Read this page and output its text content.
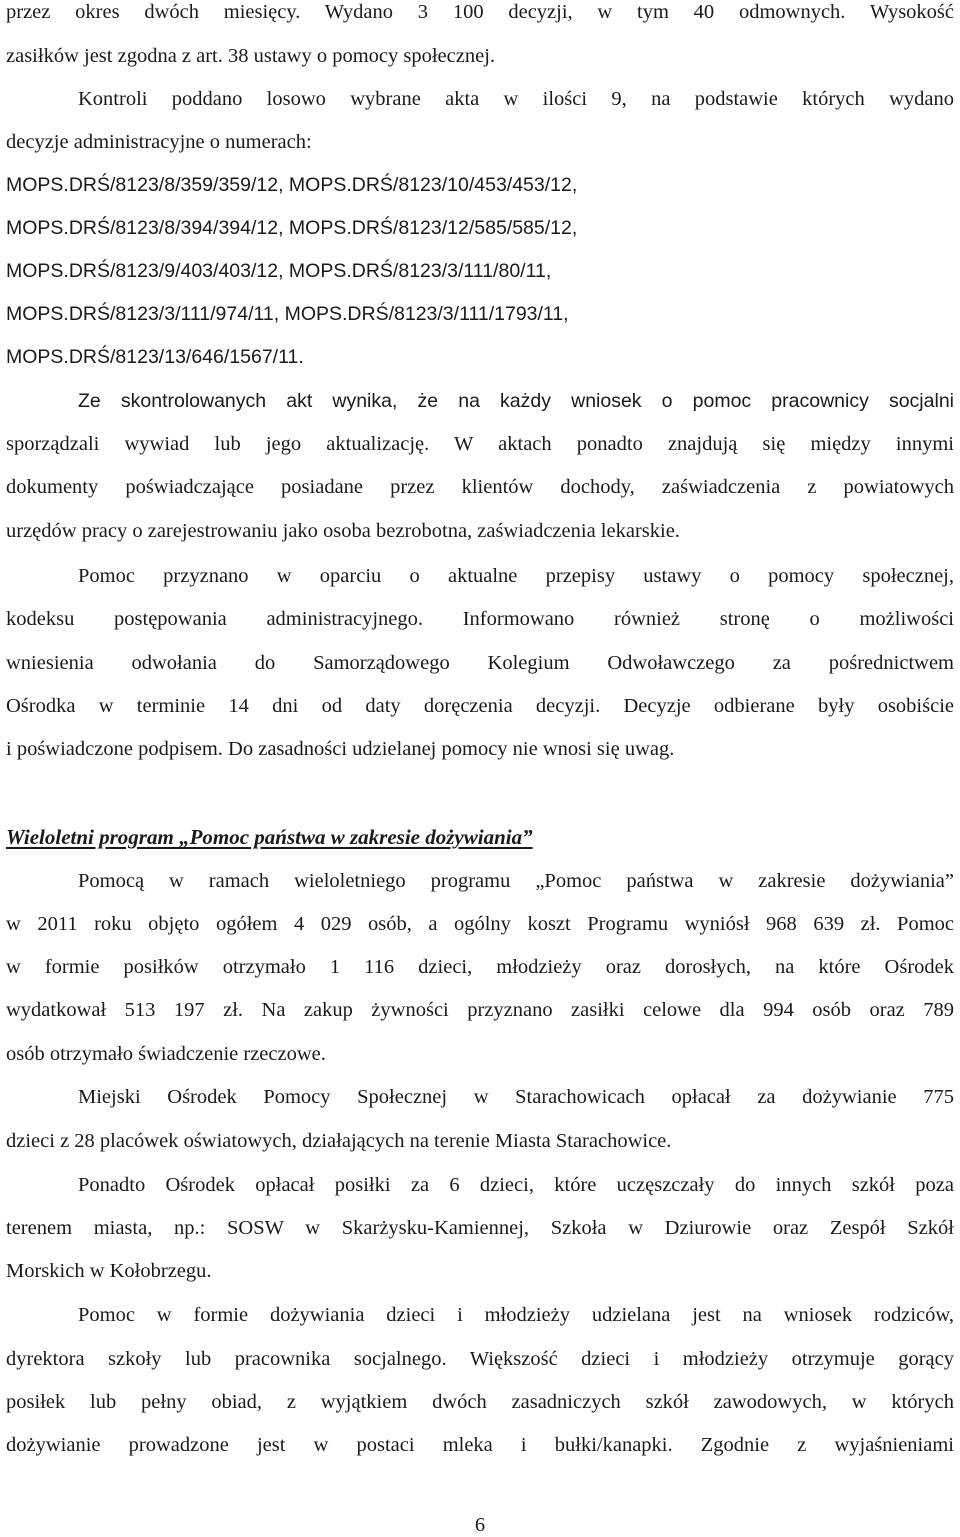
przez okres dwóch miesięcy. Wydano 3 100 decyzji, w tym 40 odmownych. Wysokość
zasiłków jest zgodna z art. 38 ustawy o pomocy społecznej.
Kontroli poddano losowo wybrane akta w ilości 9, na podstawie których wydano
decyzje administracyjne o numerach:
MOPS.DRŚ/8123/8/359/359/12, MOPS.DRŚ/8123/10/453/453/12,
MOPS.DRŚ/8123/8/394/394/12, MOPS.DRŚ/8123/12/585/585/12,
MOPS.DRŚ/8123/9/403/403/12, MOPS.DRŚ/8123/3/111/80/11,
MOPS.DRŚ/8123/3/111/974/11, MOPS.DRŚ/8123/3/111/1793/11,
MOPS.DRŚ/8123/13/646/1567/11.
Ze skontrolowanych akt wynika, że na każdy wniosek o pomoc pracownicy socjalni
sporządzali wywiad lub jego aktualizację. W aktach ponadto znajdują się między innymi
dokumenty poświadczające posiadane przez klientów dochody, zaświadczenia z powiatowych
urzędów pracy o zarejestrowaniu jako osoba bezrobotna, zaświadczenia lekarskie.
Pomoc przyznano w oparciu o aktualne przepisy ustawy o pomocy społecznej,
kodeksu postępowania administracyjnego. Informowano również stronę o możliwości
wniesienia odwołania do Samorządowego Kolegium Odwoławczego za pośrednictwem
Ośrodka w terminie 14 dni od daty doręczenia decyzji. Decyzje odbierane były osobiście
i poświadczone podpisem. Do zasadności udzielanej pomocy nie wnosi się uwag.
Wieloletni program „Pomoc państwa w zakresie dożywiania”
Pomocą w ramach wieloletniego programu „Pomoc państwa w zakresie dożywiania”
w 2011 roku objęto ogółem 4 029 osób, a ogólny koszt Programu wyniósł 968 639 zł. Pomoc
w formie posiłków otrzymało 1 116 dzieci, młodzieży oraz dorosłych, na które Ośrodek
wydatkował 513 197 zł. Na zakup żywności przyznano zasiłki celowe dla 994 osób oraz 789
osób otrzymało świadczenie rzeczowe.
Miejski Ośrodek Pomocy Społecznej w Starachowicach opłacał za dożywianie 775
dzieci z 28 placówek oświatowych, działających na terenie Miasta Starachowice.
Ponadto Ośrodek opłacał posiłki za 6 dzieci, które uczęszczały do innych szkół poza
terenem miasta, np.: SOSW w Skarżysku-Kamiennej, Szkoła w Dziurowie oraz Zespół Szkół
Morskich w Kołobrzegu.
Pomoc w formie dożywiania dzieci i młodzieży udzielana jest na wniosek rodziców,
dyrektora szkoły lub pracownika socjalnego. Większość dzieci i młodzieży otrzymuje gorący
posiłek lub pełny obiad, z wyjątkiem dwóch zasadniczych szkół zawodowych, w których
dożywianie prowadzone jest w postaci mleka i bułki/kanapki. Zgodnie z wyjaśnieniami
6
